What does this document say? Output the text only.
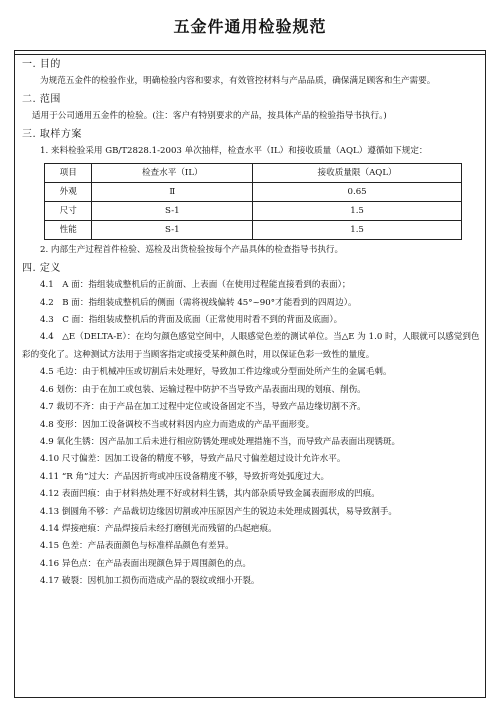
五金件通用检验规范

一. 目的

为规范五金件的检验作业，明确检验内容和要求，有效管控材料与产品品质，确保满足顾客和生产需要。

二. 范围

适用于公司通用五金件的检验。(注：客户有特别要求的产品，按具体产品的检验指导书执行。)

三. 取样方案

1. 来料检验采用 GB/T2828.1-2003 单次抽样，检查水平（IL）和接收质量（AQL）遵循如下规定：

项目	检查水平（IL）	接收质量限（AQL）
外观	Ⅱ	0.65
尺寸	S-1	1.5
性能	S-1	1.5

2. 内部生产过程首件检验、巡检及出货检验按每个产品具体的检查指导书执行。

四. 定义

4.1　A 面：指组装成整机后的正前面、上表面（在使用过程能直接看到的表面）；

4.2　B 面：指组装成整机后的侧面（需将视线偏转 45°~90°才能看到的四周边）。

4.3　C 面：指组装成整机后的背面及底面（正常使用时看不到的背面及底面）。

4.4　△E（DELTA-E）：在均匀颜色感觉空间中，人眼感觉色差的测试单位。当△E 为 1.0 时，人眼就可以感觉到色彩的变化了。这种测试方法用于当顾客指定或接受某种颜色时，用以保证色彩一致性的量度。

4.5 毛边：由于机械冲压或切割后未处理好，导致加工件边缘或分型面处所产生的金属毛刺。

4.6 划伤：由于在加工或包装、运输过程中防护不当导致产品表面出现的划痕、削伤。

4.7 裁切不齐：由于产品在加工过程中定位或设备固定不当，导致产品边缘切割不齐。

4.8 变形：因加工设备调校不当或材料因内应力而造成的产品平面形变。

4.9 氧化生锈：因产品加工后未进行相应防锈处理或处理措施不当，而导致产品表面出现锈斑。

4.10 尺寸偏差：因加工设备的精度不够，导致产品尺寸偏差超过设计允许水平。

4.11 “R 角”过大：产品因折弯或冲压设备精度不够，导致折弯处弧度过大。

4.12 表面凹痕：由于材料热处理不好或材料生锈，其内部杂质导致金属表面形成的凹痕。

4.13 倒圆角不够：产品裁切边缘因切割或冲压原因产生的锐边未处理成圆弧状，易导致割手。

4.14 焊接疤痕：产品焊接后未经打磨刨光而残留的凸起疤痕。

4.15 色差：产品表面颜色与标准样品颜色有差异。

4.16 异色点：在产品表面出现颜色异于周围颜色的点。

4.17 破裂：因机加工损伤而造成产品的裂纹或细小开裂。
